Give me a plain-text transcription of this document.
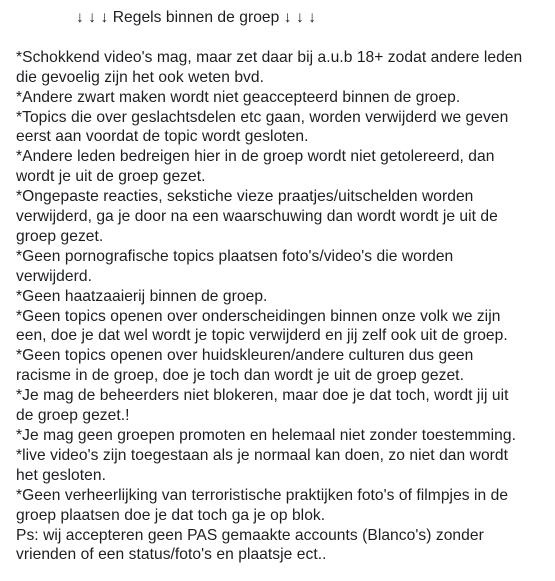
↓ ↓ ↓ Regels binnen de groep ↓ ↓ ↓
*Schokkend video's mag, maar zet daar bij a.u.b 18+ zodat andere leden
die gevoelig zijn het ook weten bvd.
*Andere zwart maken wordt niet geaccepteerd binnen de groep.
*Topics die over geslachtsdelen etc gaan, worden verwijderd we geven
eerst aan voordat de topic wordt gesloten.
*Andere leden bedreigen hier in de groep wordt niet getolereerd, dan
wordt je uit de groep gezet.
*Ongepaste reacties, sekstiche vieze praatjes/uitschelden worden
verwijderd, ga je door na een waarschuwing dan wordt wordt je uit de
groep gezet.
*Geen pornografische topics plaatsen foto's/video's die worden
verwijderd.
*Geen haatzaaierij binnen de groep.
*Geen topics openen over onderscheidingen binnen onze volk we zijn
een, doe je dat wel wordt je topic verwijderd en jij zelf ook uit de groep.
*Geen topics openen over huidskleuren/andere culturen dus geen
racisme in de groep, doe je toch dan wordt je uit de groep gezet.
*Je mag de beheerders niet blokeren, maar doe je dat toch, wordt jij uit
de groep gezet.!
*Je mag geen groepen promoten en helemaal niet zonder toestemming.
*live video's zijn toegestaan als je normaal kan doen, zo niet dan wordt
het gesloten.
*Geen verheerlijking van terroristische praktijken foto's of filmpjes in de
groep plaatsen doe je dat toch ga je op blok.
Ps: wij accepteren geen PAS gemaakte accounts (Blanco's) zonder
vrienden of een status/foto's en plaatsje ect..
